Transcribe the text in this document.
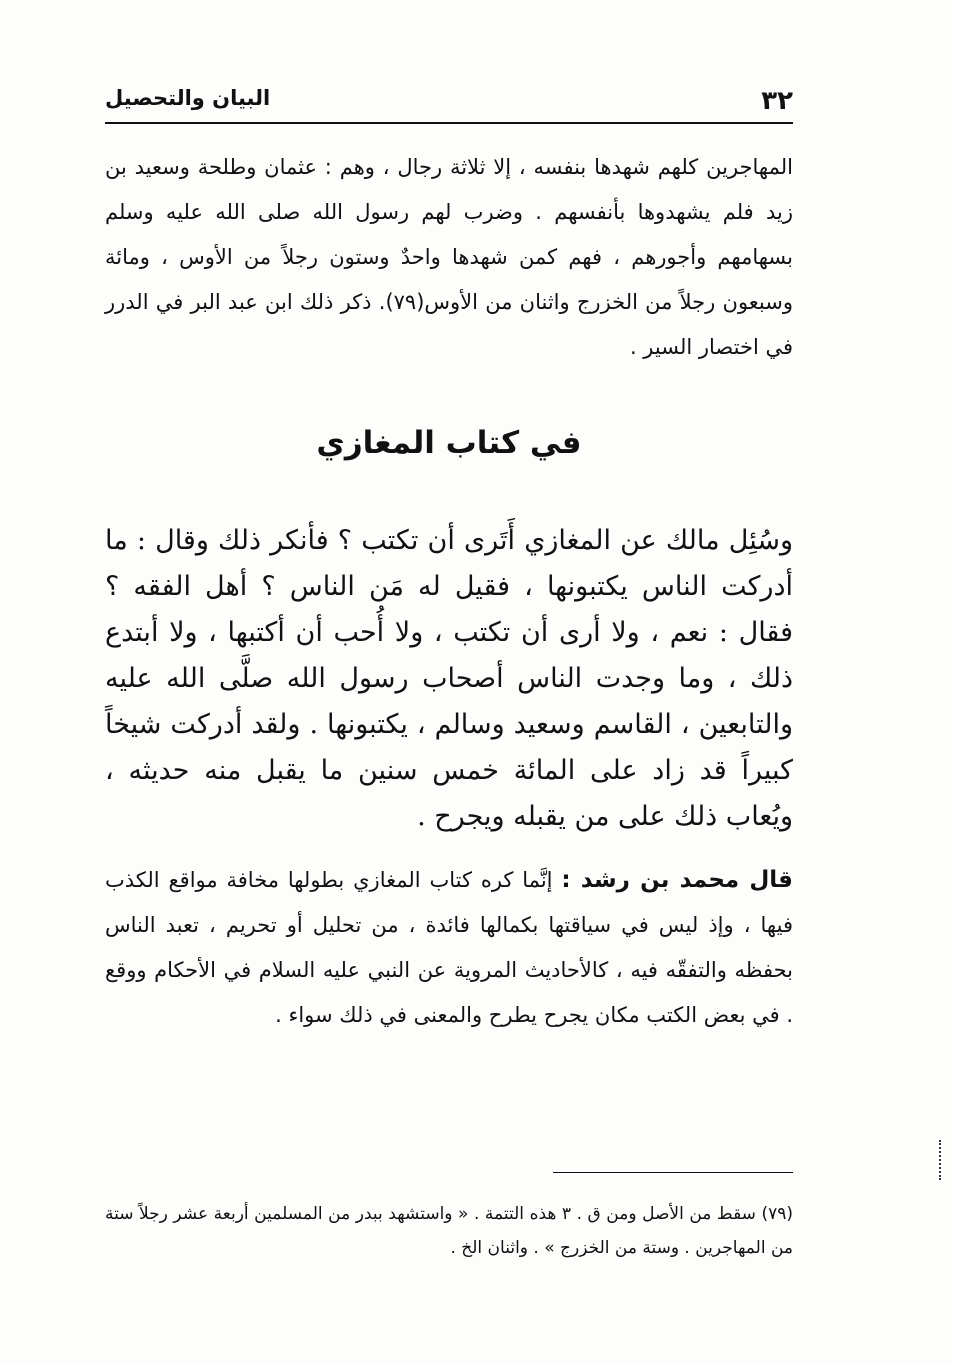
٣٢
البيان والتحصيل

المهاجرين كلهم شهدها بنفسه ، إلا ثلاثة رجال ، وهم : عثمان وطلحة وسعيد بن زيد فلم يشهدوها بأنفسهم . وضرب لهم رسول الله صلى الله عليه وسلم بسهامهم وأجورهم ، فهم كمن شهدها واحدٌ وستون رجلاً من الأوس ، ومائة وسبعون رجلاً من الخزرج واثنان من الأوس(٧٩). ذكر ذلك ابن عبد البر في الدرر في اختصار السير .

في كتاب المغازي

وسُئِل مالك عن المغازي أَتَرى أن تكتب ؟ فأنكر ذلك وقال : ما أدركت الناس يكتبونها ، فقيل له مَن الناس ؟ أهل الفقه ؟ فقال : نعم ، ولا أرى أن تكتب ، ولا أُحب أن أكتبها ، ولا أبتدع ذلك ، وما وجدت الناس أصحاب رسول الله صلَّى الله عليه والتابعين ، القاسم وسعيد وسالم ، يكتبونها . ولقد أدركت شيخاً كبيراً قد زاد على المائة خمس سنين ما يقبل منه حديثه ، ويُعاب ذلك على من يقبله ويجرح .

قال محمد بن رشد : إنَّما كره كتاب المغازي بطولها مخافة مواقع الكذب فيها ، وإذ ليس في سياقتها بكمالها فائدة ، من تحليل أو تحريم ، تعبد الناس بحفظه والتفقّه فيه ، كالأحاديث المروية عن النبي عليه السلام في الأحكام ووقع . في بعض الكتب مكان يجرح يطرح والمعنى في ذلك سواء .

(٧٩) سقط من الأصل ومن ق . ٣ هذه التتمة . « واستشهد ببدر من المسلمين أربعة عشر رجلاً ستة من المهاجرين . وستة من الخزرج » . واثنان الخ .
